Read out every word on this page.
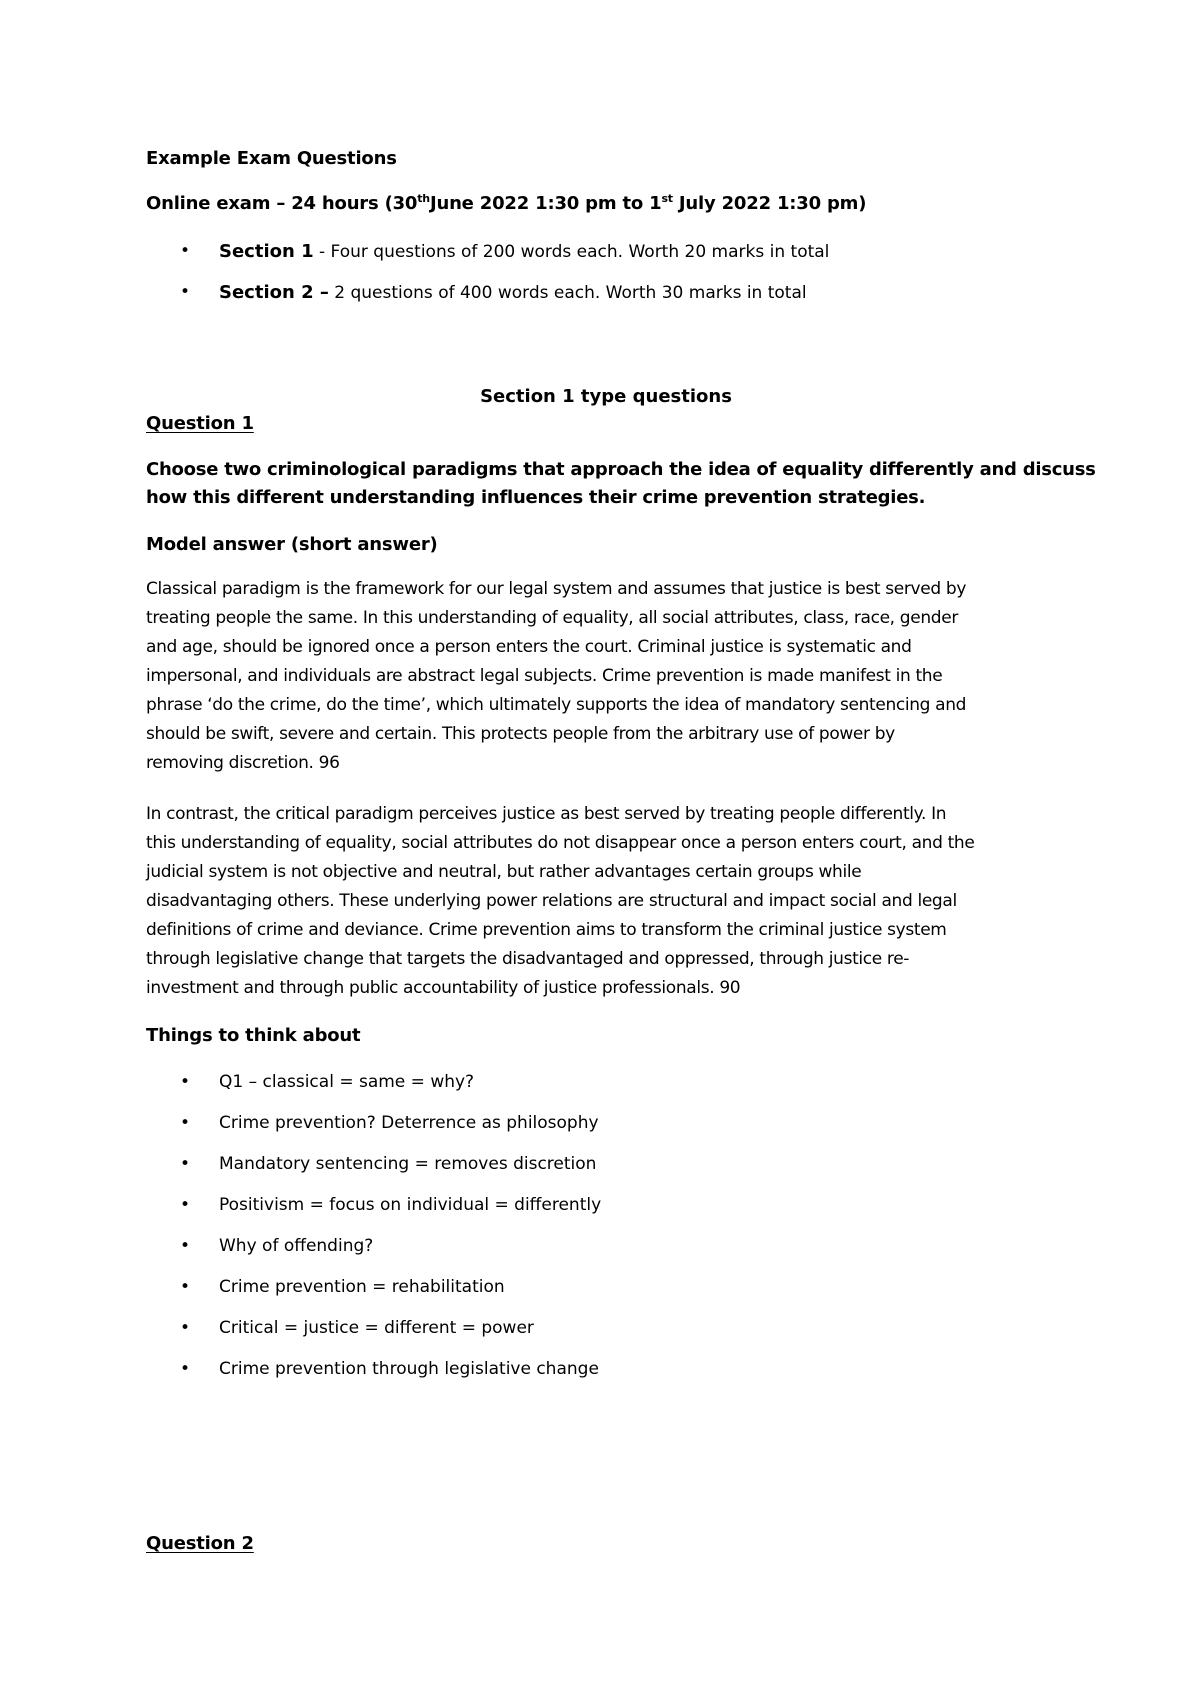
Example Exam Questions

Online exam – 24 hours (30thJune 2022 1:30 pm to 1st July 2022 1:30 pm)

•	Section 1 - Four questions of 200 words each. Worth 20 marks in total
•	Section 2 – 2 questions of 400 words each. Worth 30 marks in total

Section 1 type questions

Question 1

Choose two criminological paradigms that approach the idea of equality differently and discuss
how this different understanding influences their crime prevention strategies.

Model answer (short answer)

Classical paradigm is the framework for our legal system and assumes that justice is best served by
treating people the same. In this understanding of equality, all social attributes, class, race, gender
and age, should be ignored once a person enters the court. Criminal justice is systematic and
impersonal, and individuals are abstract legal subjects. Crime prevention is made manifest in the
phrase ‘do the crime, do the time’, which ultimately supports the idea of mandatory sentencing and
should be swift, severe and certain. This protects people from the arbitrary use of power by
removing discretion. 96
In contrast, the critical paradigm perceives justice as best served by treating people differently. In
this understanding of equality, social attributes do not disappear once a person enters court, and the
judicial system is not objective and neutral, but rather advantages certain groups while
disadvantaging others. These underlying power relations are structural and impact social and legal
definitions of crime and deviance. Crime prevention aims to transform the criminal justice system
through legislative change that targets the disadvantaged and oppressed, through justice re-
investment and through public accountability of justice professionals. 90

Things to think about

•	Q1 – classical = same = why?
•	Crime prevention? Deterrence as philosophy
•	Mandatory sentencing = removes discretion
•	Positivism = focus on individual = differently
•	Why of offending?
•	Crime prevention = rehabilitation
•	Critical = justice = different = power
•	Crime prevention through legislative change

Question 2
